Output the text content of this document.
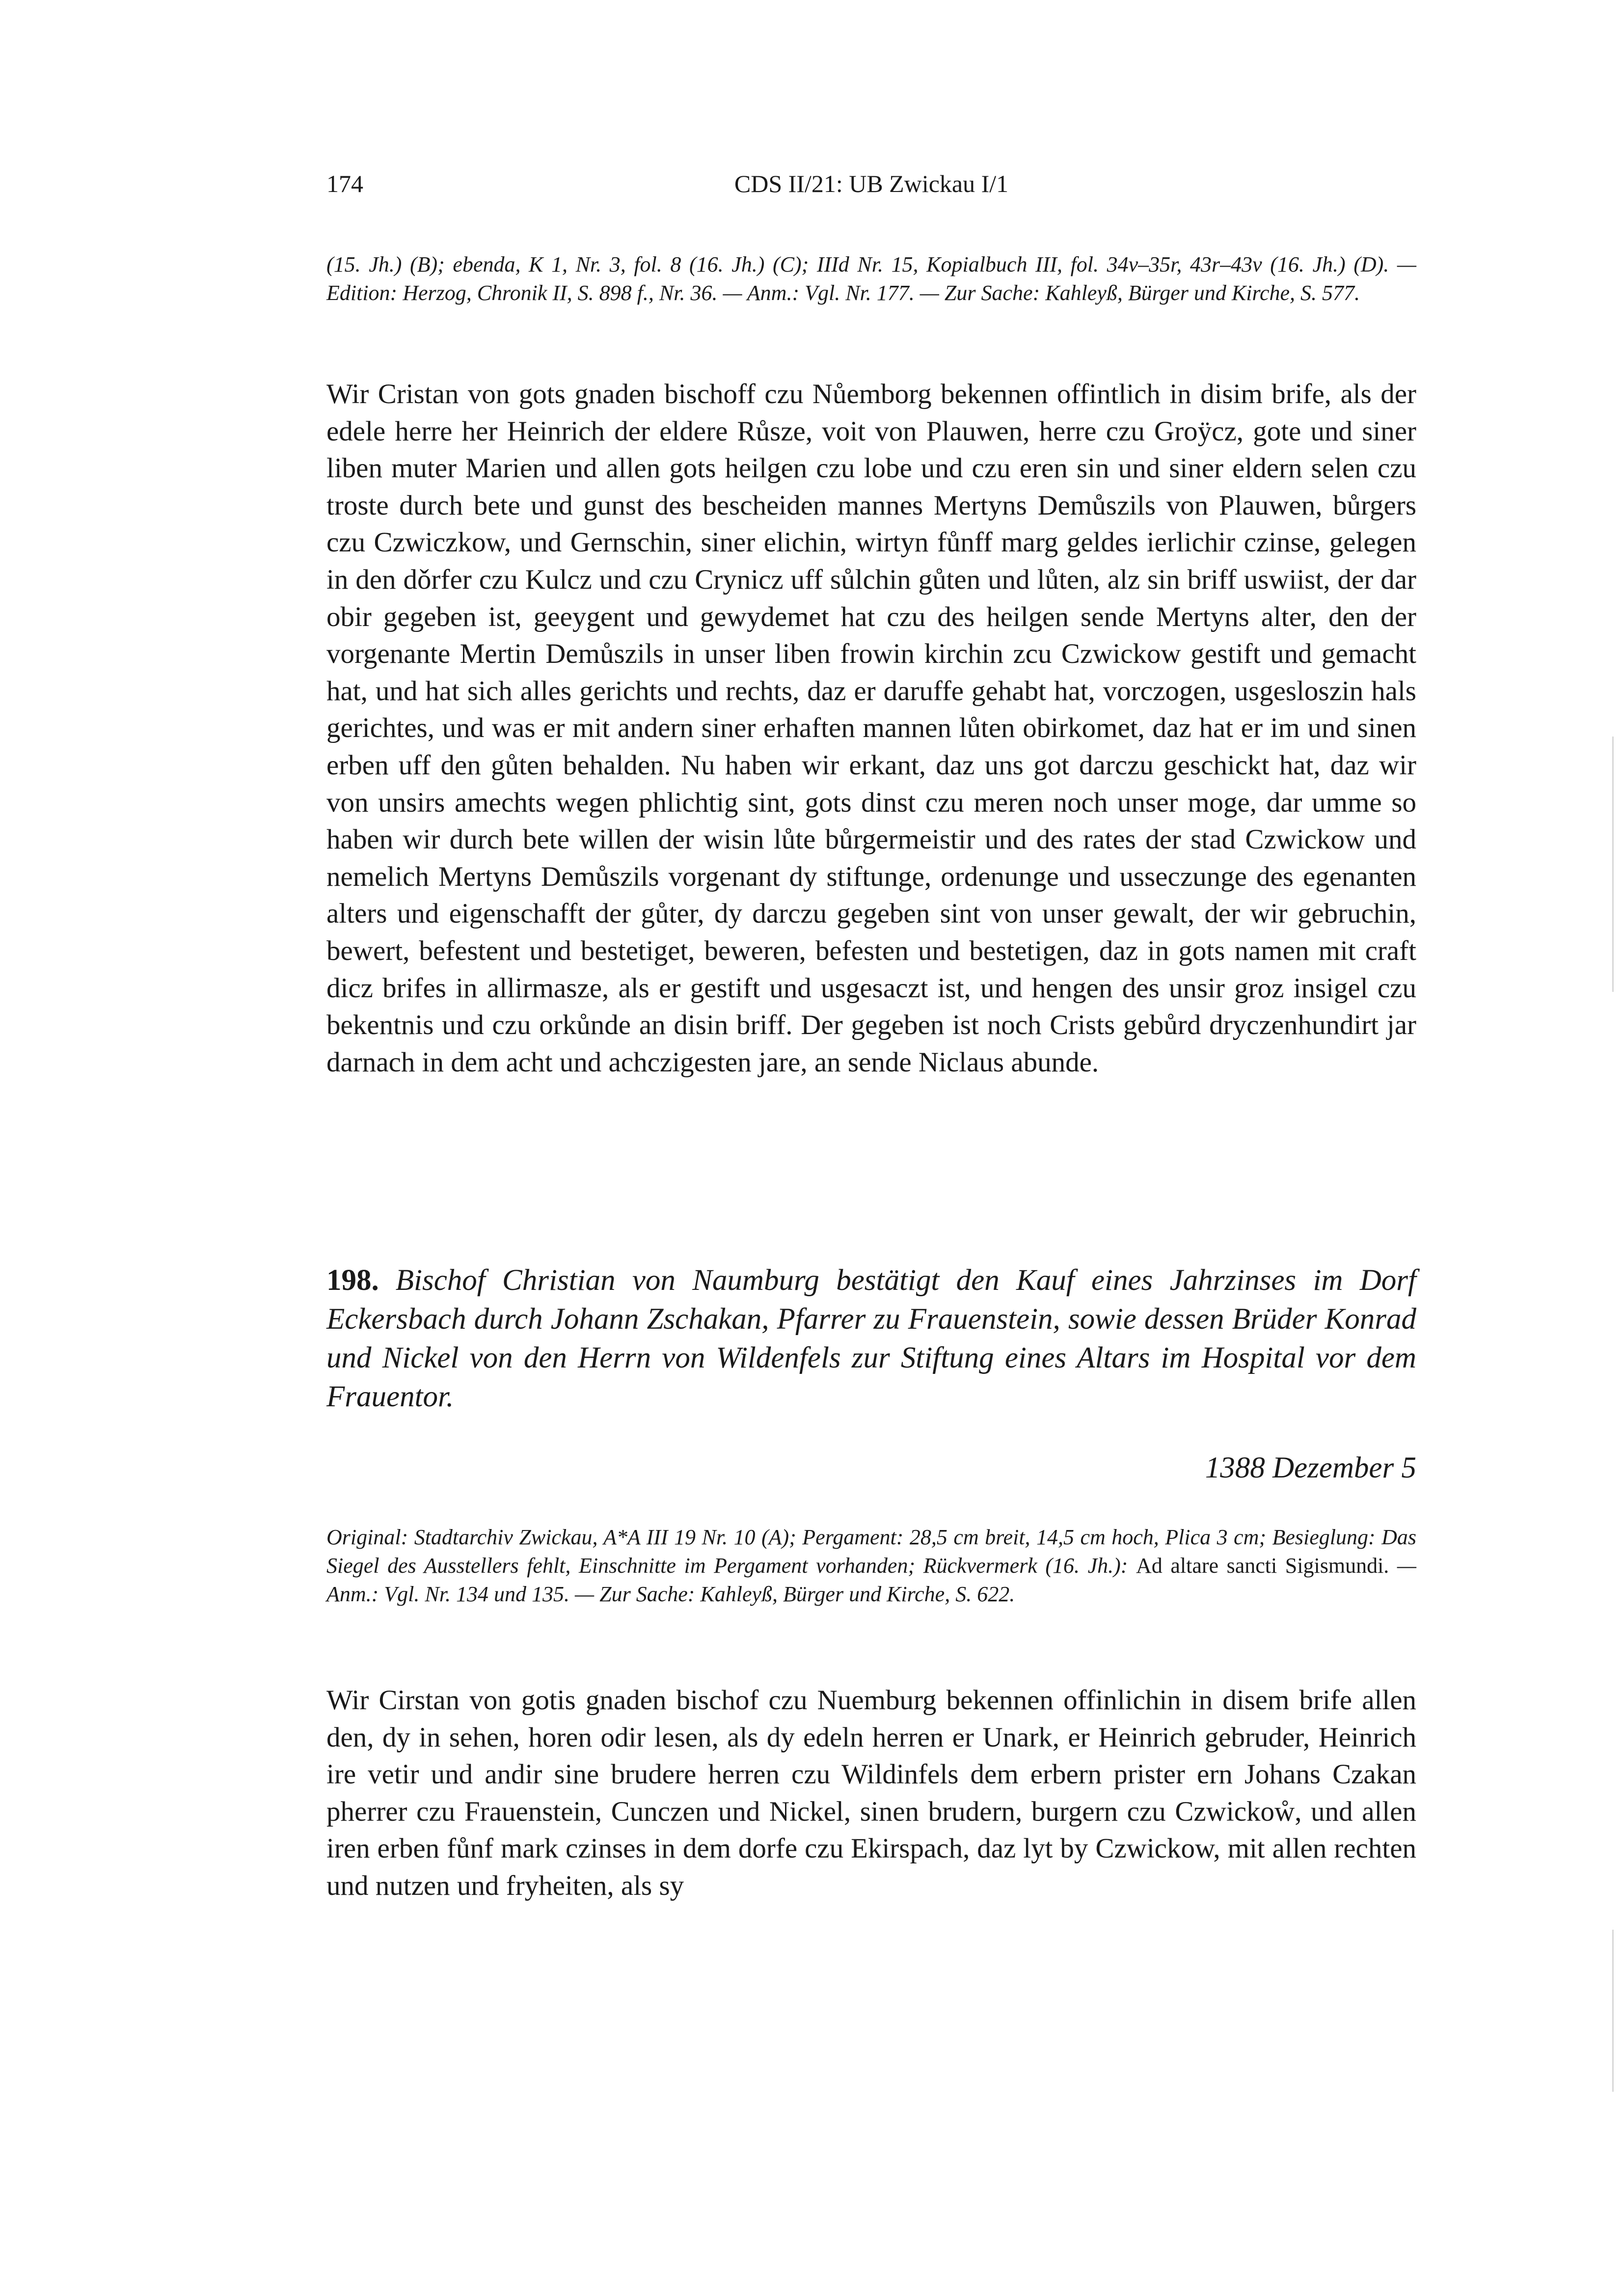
174	CDS II/21: UB Zwickau I/1

(15. Jh.) (B); ebenda, K 1, Nr. 3, fol. 8 (16. Jh.) (C); IIId Nr. 15, Kopialbuch III, fol. 34v–35r, 43r–43v (16. Jh.) (D). — Edition: Herzog, Chronik II, S. 898 f., Nr. 36. — Anm.: Vgl. Nr. 177. — Zur Sache: Kahleyß, Bürger und Kirche, S. 577.

Wir Cristan von gots gnaden bischoff czu Nůemborg bekennen offintlich in disim brife, als der edele herre her Heinrich der eldere Růsze, voit von Plauwen, herre czu Groÿcz, gote und siner liben muter Marien und allen gots heilgen czu lobe und czu eren sin und siner eldern selen czu troste durch bete und gunst des bescheiden mannes Mertyns Demůszils von Plauwen, bůrgers czu Czwiczkow, und Gernschin, siner elichin, wirtyn fůnff marg geldes ierlichir czinse, gelegen in den dǒrfer czu Kulcz und czu Crynicz uff sůlchin gůten und lůten, alz sin briff uswiist, der dar obir gegeben ist, geeygent und gewydemet hat czu des heilgen sende Mertyns alter, den der vorgenante Mertin Demůszils in unser liben frowin kirchin zcu Czwickow gestift und gemacht hat, und hat sich alles gerichts und rechts, daz er daruffe gehabt hat, vorczogen, usgesloszin hals gerichtes, und was er mit andern siner erhaften mannen lůten obirkomet, daz hat er im und sinen erben uff den gůten behalden. Nu haben wir erkant, daz uns got darczu geschickt hat, daz wir von unsirs amechts wegen phlichtig sint, gots dinst czu meren noch unser moge, dar umme so haben wir durch bete willen der wisin lůte bůrgermeistir und des rates der stad Czwickow und nemelich Mertyns Demůszils vorgenant dy stiftunge, ordenunge und usseczunge des egenanten alters und eigenschafft der gůter, dy darczu gegeben sint von unser gewalt, der wir gebruchin, bewert, befestent und bestetiget, beweren, befesten und bestetigen, daz in gots namen mit craft dicz brifes in allirmasze, als er gestift und usgesaczt ist, und hengen des unsir groz insigel czu bekentnis und czu orkůnde an disin briff. Der gegeben ist noch Crists gebůrd dryczenhundirt jar darnach in dem acht und achczigesten jare, an sende Niclaus abunde.

198. Bischof Christian von Naumburg bestätigt den Kauf eines Jahrzinses im Dorf Eckersbach durch Johann Zschakan, Pfarrer zu Frauenstein, sowie dessen Brüder Konrad und Nickel von den Herrn von Wildenfels zur Stiftung eines Altars im Hospital vor dem Frauentor.

1388 Dezember 5

Original: Stadtarchiv Zwickau, A*A III 19 Nr. 10 (A); Pergament: 28,5 cm breit, 14,5 cm hoch, Plica 3 cm; Besieglung: Das Siegel des Ausstellers fehlt, Einschnitte im Pergament vorhanden; Rückvermerk (16. Jh.): Ad altare sancti Sigismundi. — Anm.: Vgl. Nr. 134 und 135. — Zur Sache: Kahleyß, Bürger und Kirche, S. 622.

Wir Cirstan von gotis gnaden bischof czu Nuemburg bekennen offinlichin in disem brife allen den, dy in sehen, horen odir lesen, als dy edeln herren er Unark, er Heinrich gebruder, Heinrich ire vetir und andir sine brudere herren czu Wildinfels dem erbern prister ern Johans Czakan pherrer czu Frauenstein, Cunczen und Nickel, sinen brudern, burgern czu Czwickoẘ, und allen iren erben fůnf mark czinses in dem dorfe czu Ekirspach, daz lyt by Czwickow, mit allen rechten und nutzen und fryheiten, als sy
